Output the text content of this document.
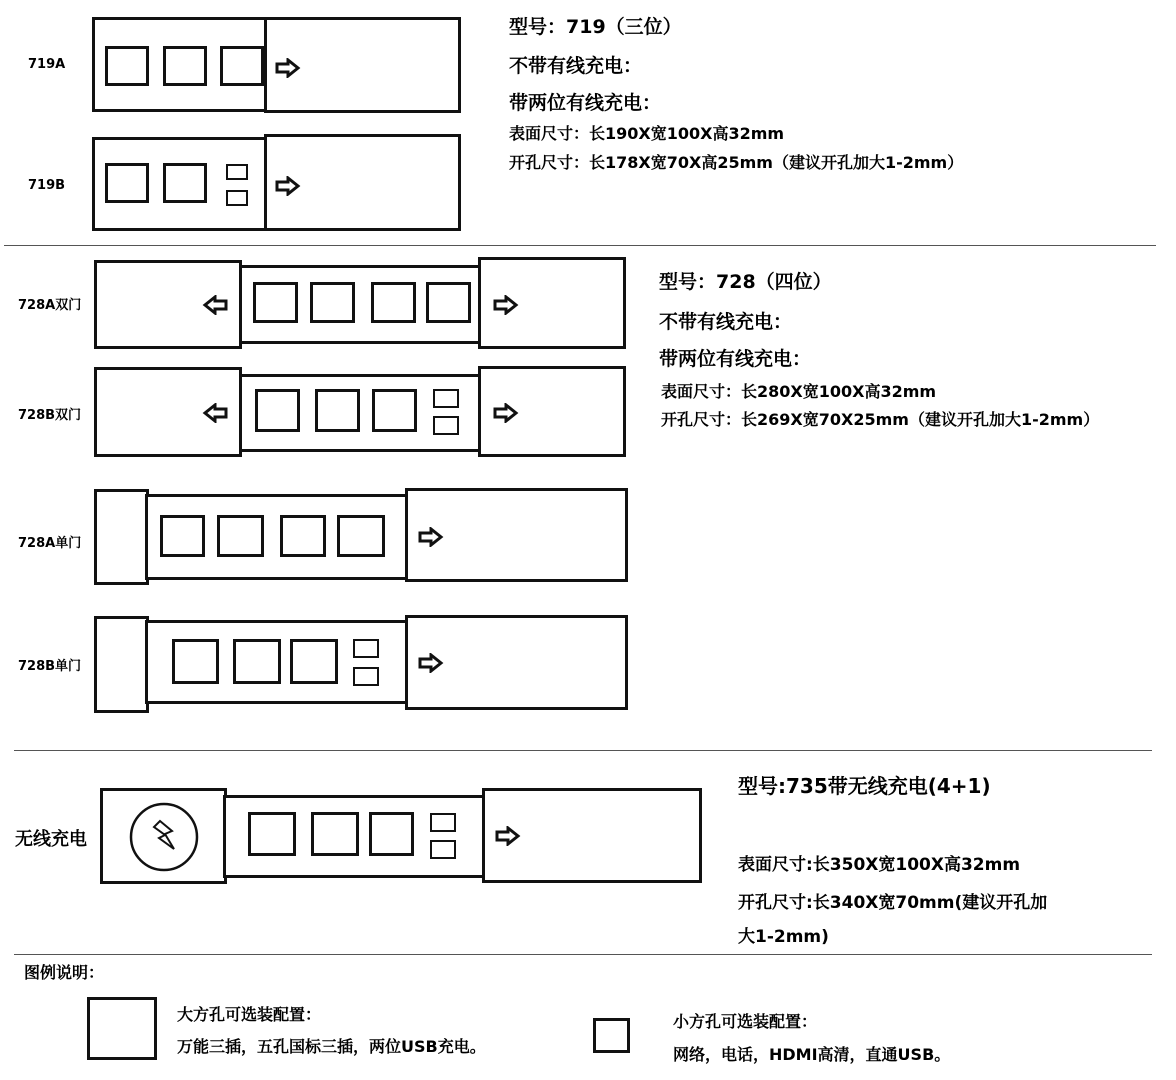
719A
719B
型号：719（三位）
不带有线充电：
带两位有线充电：
表面尺寸：长190X宽100X高32mm
开孔尺寸：长178X宽70X高25mm（建议开孔加大1-2mm）
728A双门
728B双门
728A单门
728B单门
型号：728（四位）
不带有线充电：
带两位有线充电：
表面尺寸：长280X宽100X高32mm
开孔尺寸：长269X宽70X25mm（建议开孔加大1-2mm）
无线充电
型号:735带无线充电(4+1)
表面尺寸:长350X宽100X高32mm
开孔尺寸:长340X宽70mm(建议开孔加
大1-2mm)
图例说明：
大方孔可选装配置：
万能三插，五孔国标三插，两位USB充电。
小方孔可选装配置：
网络，电话，HDMI高清，直通USB。
